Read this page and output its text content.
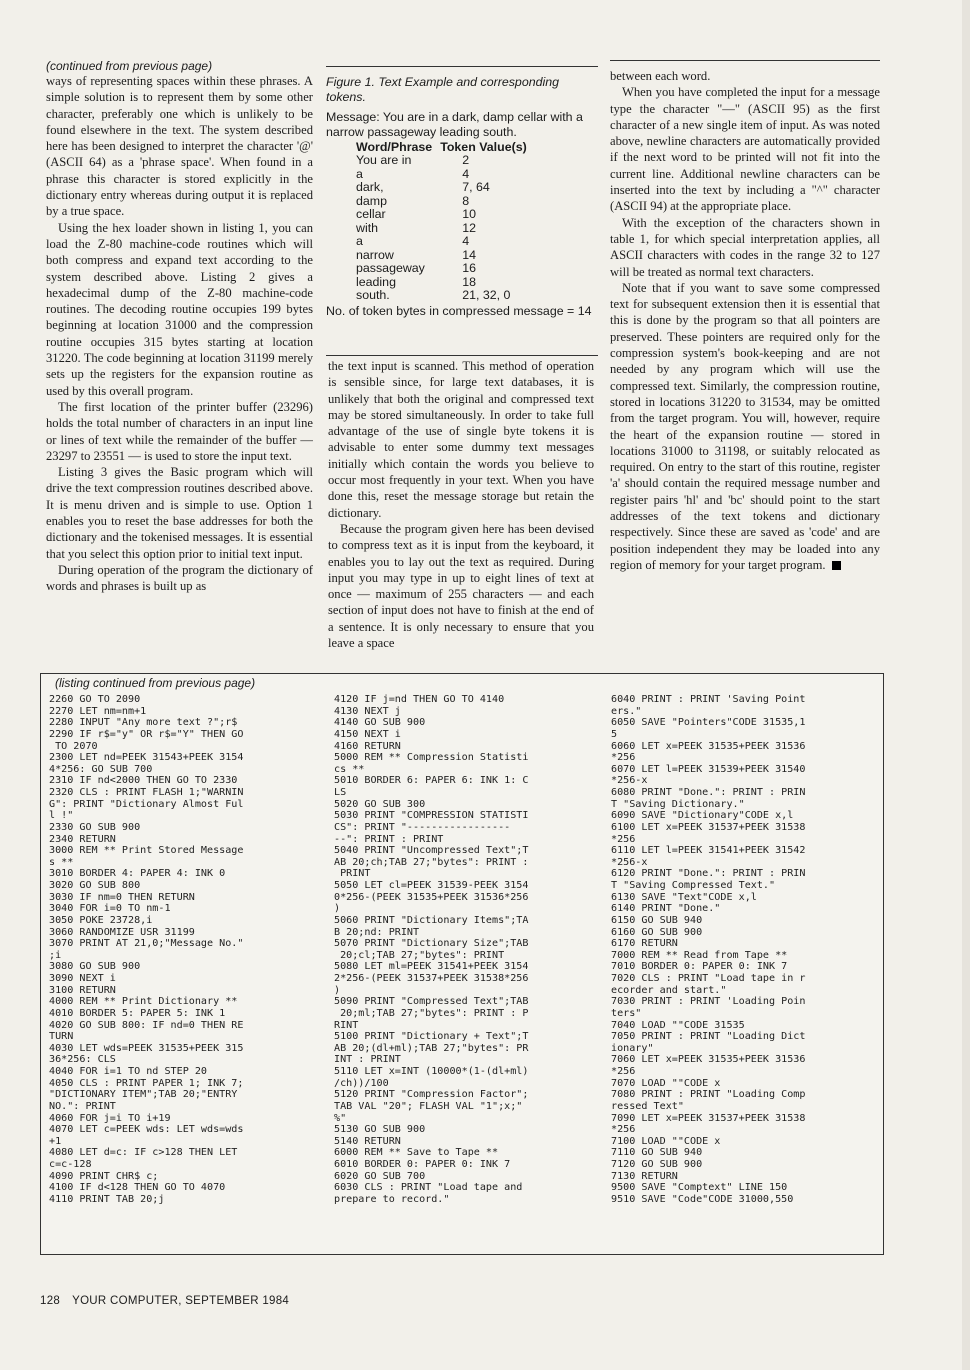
(continued from previous page)

ways of representing spaces within these phrases. A simple solution is to represent them by some other character, preferably one which is unlikely to be found elsewhere in the text. The system described here has been designed to interpret the character '@' (ASCII 64) as a 'phrase space'. When found in a phrase this character is stored explicitly in the dictionary entry whereas during output it is replaced by a true space.

Using the hex loader shown in listing 1, you can load the Z-80 machine-code routines which will both compress and expand text according to the system described above. Listing 2 gives a hexadecimal dump of the Z-80 machine-code routines. The decoding routine occupies 199 bytes beginning at location 31000 and the compression routine occupies 315 bytes starting at location 31220. The code beginning at location 31199 merely sets up the registers for the expansion routine as used by this overall program.

The first location of the printer buffer (23296) holds the total number of characters in an input line or lines of text while the remainder of the buffer — 23297 to 23551 — is used to store the input text.

Listing 3 gives the Basic program which will drive the text compression routines described above. It is menu driven and is simple to use. Option 1 enables you to reset the base addresses for both the dictionary and the tokenised messages. It is essential that you select this option prior to initial text input.

During operation of the program the dictionary of words and phrases is built up as

Figure 1. Text Example and corresponding tokens.
Message: You are in a dark, damp cellar with a narrow passageway leading south.
Word/Phrase	Token Value(s)
You are in	2
a	4
dark,	7, 64
damp	8
cellar	10
with	12
a	4
narrow	14
passageway	16
leading	18
south.	21, 32, 0
No. of token bytes in compressed message = 14

the text input is scanned. This method of operation is sensible since, for large text databases, it is unlikely that both the original and compressed text may be stored simultaneously. In order to take full advantage of the use of single byte tokens it is advisable to enter some dummy text messages initially which contain the words you believe to occur most frequently in your text. When you have done this, reset the message storage but retain the dictionary.

Because the program given here has been devised to compress text as it is input from the keyboard, it enables you to lay out the text as required. During input you may type in up to eight lines of text at once — maximum of 255 characters — and each section of input does not have to finish at the end of a sentence. It is only necessary to ensure that you leave a space

between each word.

When you have completed the input for a message type the character "—" (ASCII 95) as the first character of a new single item of input. As was noted above, newline characters are automatically provided if the next word to be printed will not fit into the current line. Additional newline characters can be inserted into the text by including a "^" character (ASCII 94) at the appropriate place.

With the exception of the characters shown in table 1, for which special interpretation applies, all ASCII characters with codes in the range 32 to 127 will be treated as normal text characters.

Note that if you want to save some compressed text for subsequent extension then it is essential that this is done by the program so that all pointers are preserved. These pointers are required only for the compression system's book-keeping and are not needed by any program which will use the compressed text. Similarly, the compression routine, stored in locations 31220 to 31534, may be omitted from the target program. You will, however, require the heart of the expansion routine — stored in locations 31000 to 31198, or suitably relocated as required. On entry to the start of this routine, register 'a' should contain the required message number and register pairs 'hl' and 'bc' should point to the start addresses of the text tokens and dictionary respectively. Since these are saved as 'code' and are position independent they may be loaded into any region of memory for your target program.

(listing continued from previous page)
2260 GO TO 2090
2270 LET nm=nm+1
2280 INPUT "Any more text ?";r$
2290 IF r$="y" OR r$="Y" THEN GO
TO 2070
2300 LET nd=PEEK 31543+PEEK 3154
4*256: GO SUB 700
2310 IF nd<2000 THEN GO TO 2330
2320 CLS : PRINT FLASH 1;"WARNIN
G": PRINT "Dictionary Almost Ful
l !"
2330 GO SUB 900
2340 RETURN
3000 REM ** Print Stored Message
s **
3010 BORDER 4: PAPER 4: INK 0
3020 GO SUB 800
3030 IF nm=0 THEN RETURN
3040 FOR i=0 TO nm-1
3050 POKE 23728,i
3060 RANDOMIZE USR 31199
3070 PRINT AT 21,0;"Message No."
;i
3080 GO SUB 900
3090 NEXT i
3100 RETURN
4000 REM ** Print Dictionary **
4010 BORDER 5: PAPER 5: INK 1
4020 GO SUB 800: IF nd=0 THEN RE
TURN
4030 LET wds=PEEK 31535+PEEK 315
36*256: CLS
4040 FOR i=1 TO nd STEP 20
4050 CLS : PRINT PAPER 1; INK 7;
"DICTIONARY ITEM";TAB 20;"ENTRY
NO.": PRINT
4060 FOR j=i TO i+19
4070 LET c=PEEK wds: LET wds=wds
+1
4080 LET d=c: IF c>128 THEN LET
c=c-128
4090 PRINT CHR$ c;
4100 IF d<128 THEN GO TO 4070
4110 PRINT TAB 20;j
4120 IF j=nd THEN GO TO 4140
4130 NEXT j
4140 GO SUB 900
4150 NEXT i
4160 RETURN
5000 REM ** Compression Statisti
cs **
5010 BORDER 6: PAPER 6: INK 1: C
LS
5020 GO SUB 300
5030 PRINT "COMPRESSION STATISTI
CS": PRINT "-----------------
--": PRINT : PRINT
5040 PRINT "Uncompressed Text";T
AB 20;ch;TAB 27;"bytes": PRINT :
PRINT
5050 LET cl=PEEK 31539-PEEK 3154
0*256-(PEEK 31535+PEEK 31536*256
)
5060 PRINT "Dictionary Items";TA
B 20;nd: PRINT
5070 PRINT "Dictionary Size";TAB
20;cl;TAB 27;"bytes": PRINT
5080 LET ml=PEEK 31541+PEEK 3154
2*256-(PEEK 31537+PEEK 31538*256
)
5090 PRINT "Compressed Text";TAB
20;ml;TAB 27;"bytes": PRINT : P
RINT
5100 PRINT "Dictionary + Text";T
AB 20;(dl+ml);TAB 27;"bytes": PR
INT : PRINT
5110 LET x=INT (10000*(1-(dl+ml)
/ch))/100
5120 PRINT "Compression Factor";
TAB VAL "20"; FLASH VAL "1";x;"
%"
5130 GO SUB 900
5140 RETURN
6000 REM ** Save to Tape **
6010 BORDER 0: PAPER 0: INK 7
6020 GO SUB 700
6030 CLS : PRINT "Load tape and
prepare to record."
6040 PRINT : PRINT 'Saving Point
ers."
6050 SAVE "Pointers"CODE 31535,1
5
6060 LET x=PEEK 31535+PEEK 31536
*256
6070 LET l=PEEK 31539+PEEK 31540
*256-x
6080 PRINT "Done.": PRINT : PRIN
T "Saving Dictionary."
6090 SAVE "Dictionary"CODE x,l
6100 LET x=PEEK 31537+PEEK 31538
*256
6110 LET l=PEEK 31541+PEEK 31542
*256-x
6120 PRINT "Done.": PRINT : PRIN
T "Saving Compressed Text."
6130 SAVE "Text"CODE x,l
6140 PRINT "Done."
6150 GO SUB 940
6160 GO SUB 900
6170 RETURN
7000 REM ** Read from Tape **
7010 BORDER 0: PAPER 0: INK 7
7020 CLS : PRINT "Load tape in r
ecorder and start."
7030 PRINT : PRINT 'Loading Poin
ters"
7040 LOAD ""CODE 31535
7050 PRINT : PRINT "Loading Dict
ionary"
7060 LET x=PEEK 31535+PEEK 31536
*256
7070 LOAD ""CODE x
7080 PRINT : PRINT "Loading Comp
ressed Text"
7090 LET x=PEEK 31537+PEEK 31538
*256
7100 LOAD ""CODE x
7110 GO SUB 940
7120 GO SUB 900
7130 RETURN
9500 SAVE "Comptext" LINE 150
9510 SAVE "Code"CODE 31000,550
128 YOUR COMPUTER, SEPTEMBER 1984
